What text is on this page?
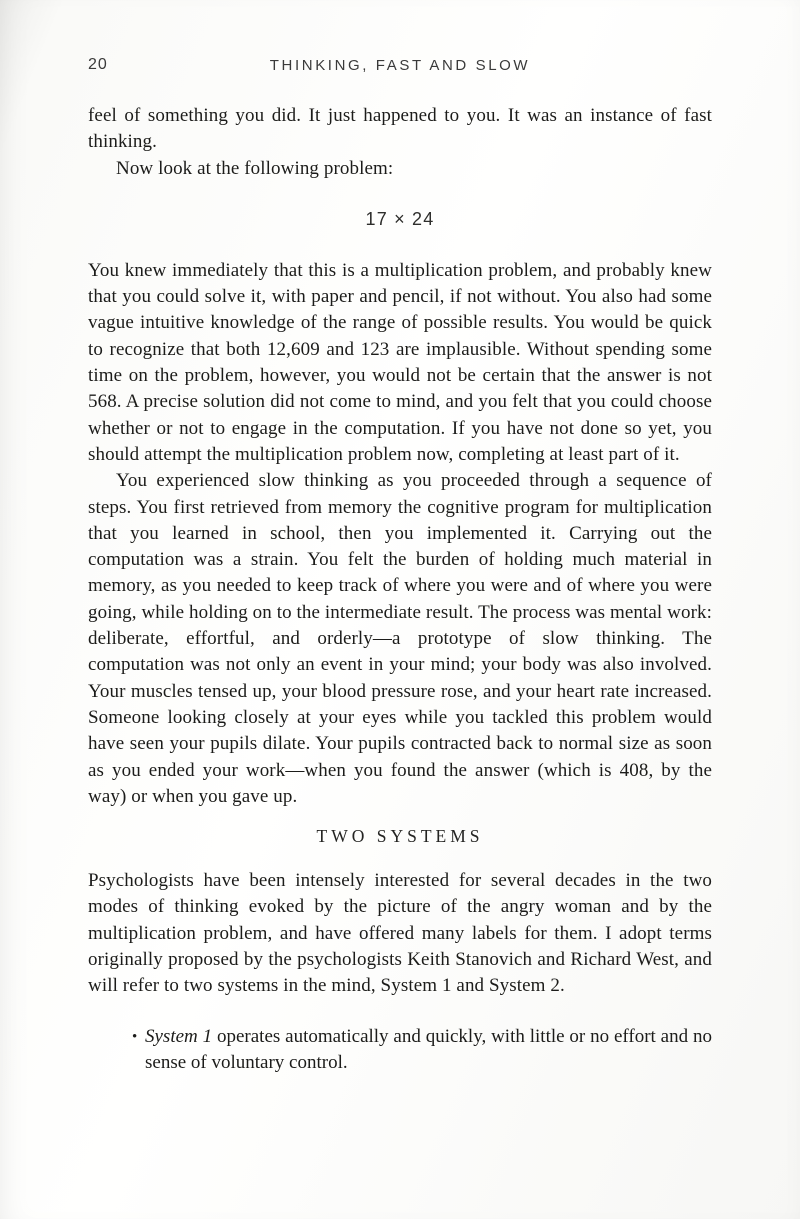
20	THINKING, FAST AND SLOW

feel of something you did. It just happened to you. It was an instance of fast thinking.

Now look at the following problem:

17 × 24

You knew immediately that this is a multiplication problem, and probably knew that you could solve it, with paper and pencil, if not without. You also had some vague intuitive knowledge of the range of possible results. You would be quick to recognize that both 12,609 and 123 are implausible. Without spending some time on the problem, however, you would not be certain that the answer is not 568. A precise solution did not come to mind, and you felt that you could choose whether or not to engage in the computation. If you have not done so yet, you should attempt the multiplication problem now, completing at least part of it.

You experienced slow thinking as you proceeded through a sequence of steps. You first retrieved from memory the cognitive program for multiplication that you learned in school, then you implemented it. Carrying out the computation was a strain. You felt the burden of holding much material in memory, as you needed to keep track of where you were and of where you were going, while holding on to the intermediate result. The process was mental work: deliberate, effortful, and orderly—a prototype of slow thinking. The computation was not only an event in your mind; your body was also involved. Your muscles tensed up, your blood pressure rose, and your heart rate increased. Someone looking closely at your eyes while you tackled this problem would have seen your pupils dilate. Your pupils contracted back to normal size as soon as you ended your work—when you found the answer (which is 408, by the way) or when you gave up.

TWO SYSTEMS

Psychologists have been intensely interested for several decades in the two modes of thinking evoked by the picture of the angry woman and by the multiplication problem, and have offered many labels for them. I adopt terms originally proposed by the psychologists Keith Stanovich and Richard West, and will refer to two systems in the mind, System 1 and System 2.

• System 1 operates automatically and quickly, with little or no effort and no sense of voluntary control.
